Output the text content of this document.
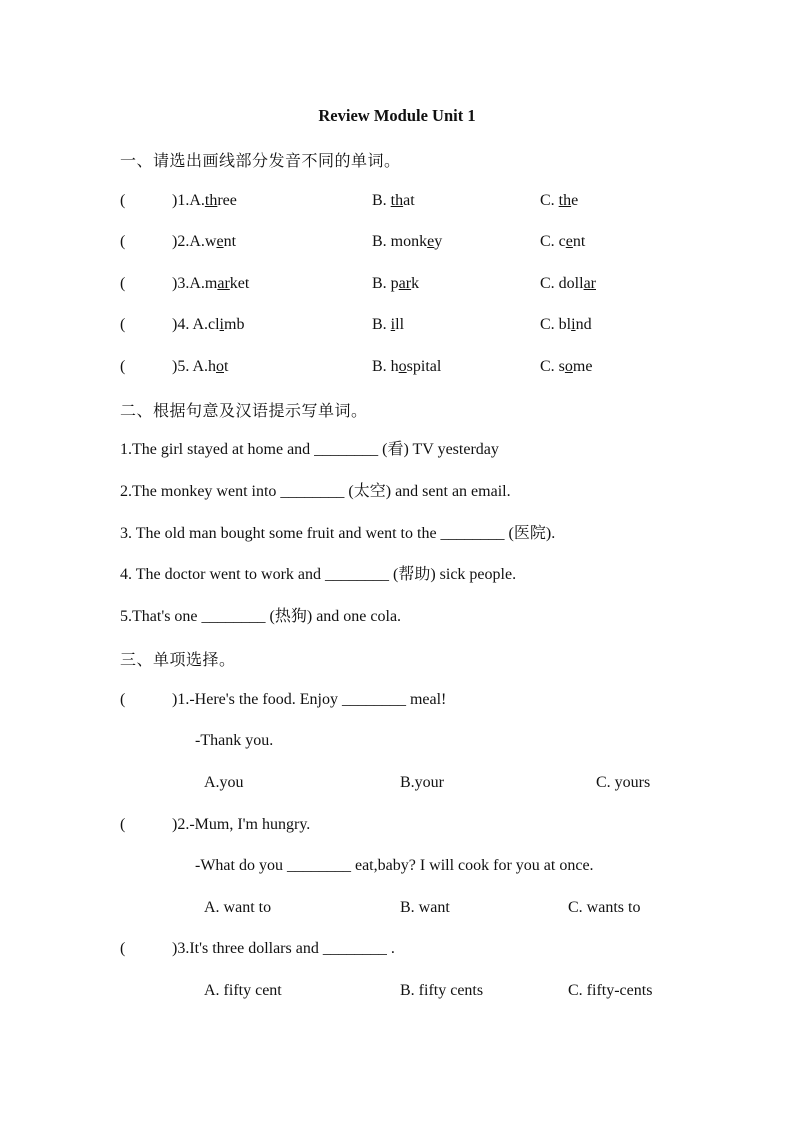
Review Module Unit 1
一、请选出画线部分发音不同的单词。
(	)1.A.three	B. that	C. the
(	)2.A.went	B. monkey	C. cent
(	)3.A.market	B. park	C. dollar
(	)4. A.climb	B. ill	C. blind
(	)5. A.hot	B. hospital	C. some
二、根据句意及汉语提示写单词。
1.The girl stayed at home and ________ (看) TV yesterday
2.The monkey went into ________ (太空) and sent an email.
3. The old man bought some fruit and went to the ________ (医院).
4. The doctor went to work and ________ (帮助) sick people.
5.That's one ________ (热狗) and one cola.
三、单项选择。
(	)1.-Here's the food. Enjoy ________ meal!
-Thank you.
A.you	B.your	C. yours
(	)2.-Mum, I'm hungry.
-What do you ________ eat,baby? I will cook for you at once.
A. want to	B. want	C. wants to
(	)3.It's three dollars and ________ .
A. fifty cent	B. fifty cents	C. fifty-cents
